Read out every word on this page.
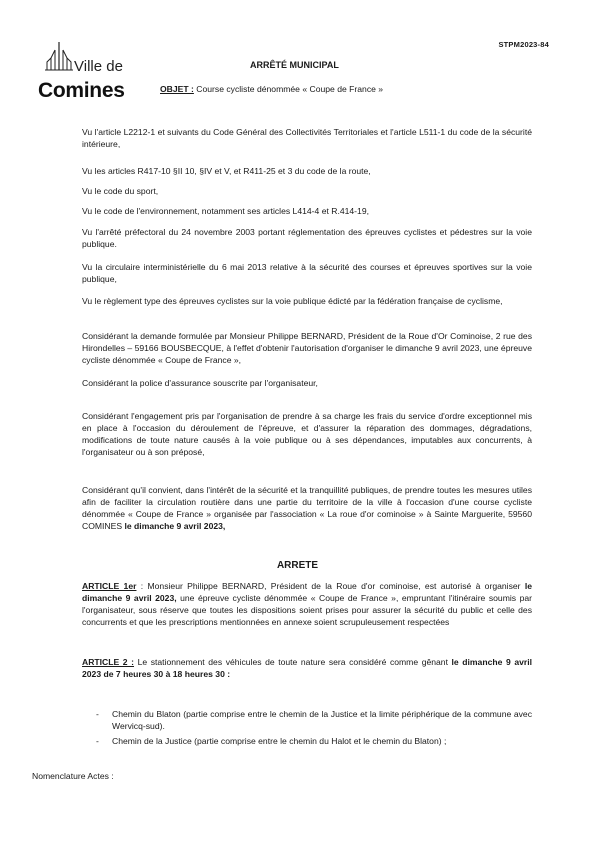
STPM2023-84
Ville de
Comines
ARRÊTÉ MUNICIPAL
OBJET : Course cycliste dénommée « Coupe de France »

Vu l'article L2212-1 et suivants du Code Général des Collectivités Territoriales et l'article L511-1 du code de la sécurité intérieure,

Vu les articles R417-10 §II 10, §IV et V, et R411-25 et 3 du code de la route,

Vu le code du sport,

Vu le code de l'environnement, notamment ses articles L414-4 et R.414-19,

Vu l'arrêté préfectoral du 24 novembre 2003 portant réglementation des épreuves cyclistes et pédestres sur la voie publique.

Vu la circulaire interministérielle du 6 mai 2013 relative à la sécurité des courses et épreuves sportives sur la voie publique,

Vu le règlement type des épreuves cyclistes sur la voie publique édicté par la fédération française de cyclisme,

Considérant la demande formulée par Monsieur Philippe BERNARD, Président de la Roue d'Or Cominoise, 2 rue des Hirondelles – 59166 BOUSBECQUE, à l'effet d'obtenir l'autorisation d'organiser le dimanche 9 avril 2023, une épreuve cycliste dénommée « Coupe de France »,

Considérant la police d'assurance souscrite par l'organisateur,

Considérant l'engagement pris par l'organisation de prendre à sa charge les frais du service d'ordre exceptionnel mis en place à l'occasion du déroulement de l'épreuve, et d'assurer la réparation des dommages, dégradations, modifications de toute nature causés à la voie publique ou à ses dépendances, imputables aux concurrents, à l'organisateur ou à son préposé,

Considérant qu'il convient, dans l'intérêt de la sécurité et la tranquillité publiques, de prendre toutes les mesures utiles afin de faciliter la circulation routière dans une partie du territoire de la ville à l'occasion d'une course cycliste dénommée « Coupe de France » organisée par l'association « La roue d'or cominoise » à Sainte Marguerite, 59560 COMINES le dimanche 9 avril 2023,

ARRETE

ARTICLE 1er : Monsieur Philippe BERNARD, Président de la Roue d'or cominoise, est autorisé à organiser le dimanche 9 avril 2023, une épreuve cycliste dénommée « Coupe de France », empruntant l'itinéraire soumis par l'organisateur, sous réserve que toutes les dispositions soient prises pour assurer la sécurité du public et celle des concurrents et que les prescriptions mentionnées en annexe soient scrupuleusement respectées

ARTICLE 2 : Le stationnement des véhicules de toute nature sera considéré comme gênant le dimanche 9 avril 2023 de 7 heures 30 à 18 heures 30 :

- Chemin du Blaton (partie comprise entre le chemin de la Justice et la limite périphérique de la commune avec Wervicq-sud).
- Chemin de la Justice (partie comprise entre le chemin du Halot et le chemin du Blaton) ;
Nomenclature Actes :
